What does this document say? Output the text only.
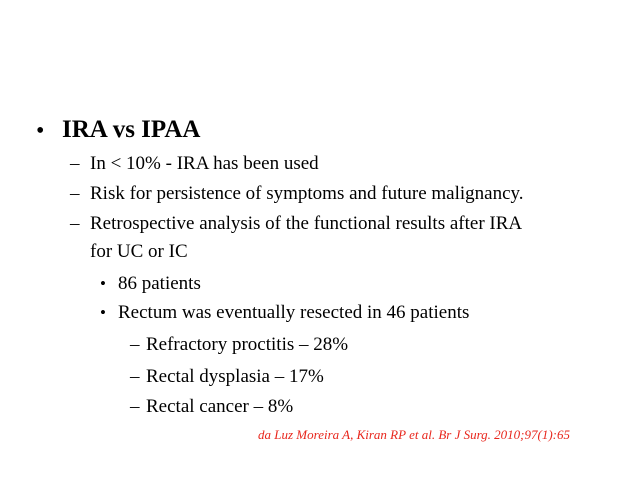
• IRA vs IPAA
– In < 10% - IRA has been used
– Risk for persistence of symptoms and future malignancy.
– Retrospective analysis of the functional results after IRA
for UC or IC
• 86 patients
• Rectum was eventually resected in 46 patients
– Refractory proctitis – 28%
– Rectal dysplasia – 17%
– Rectal cancer – 8%
da Luz Moreira A, Kiran RP et al. Br J Surg. 2010;97(1):65
